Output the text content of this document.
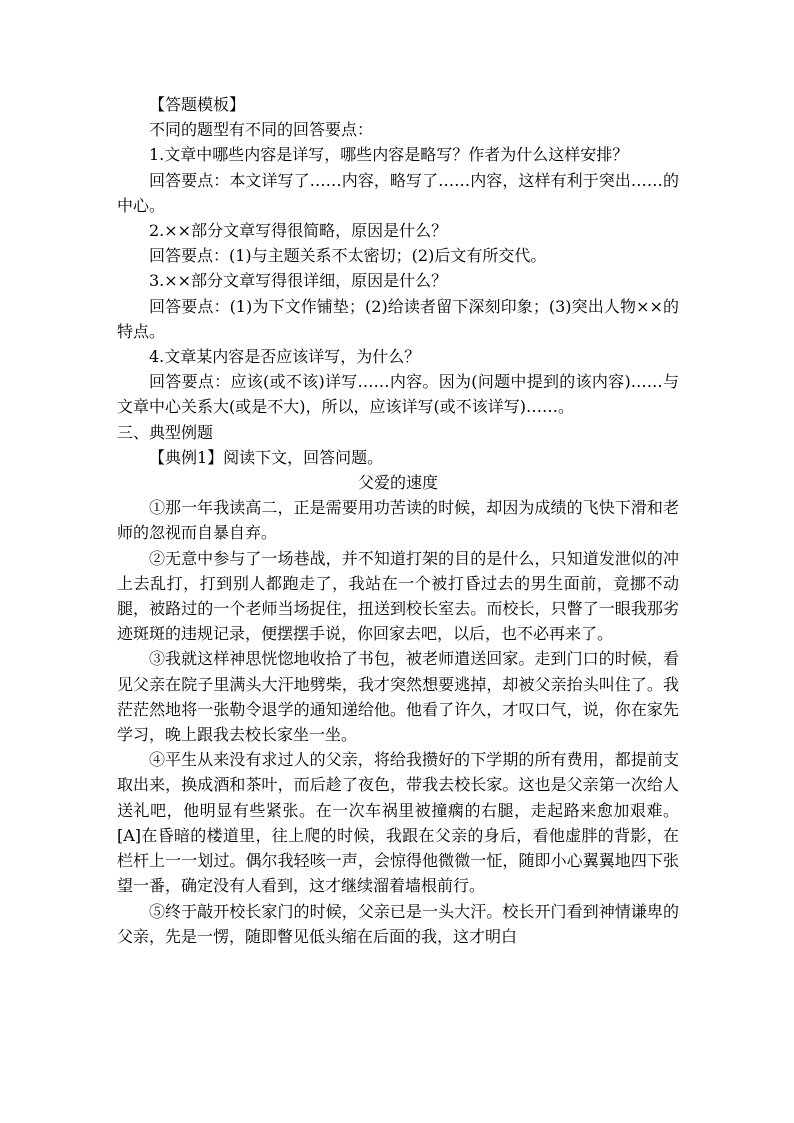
【答题模板】

不同的题型有不同的回答要点：

1.文章中哪些内容是详写，哪些内容是略写？作者为什么这样安排？

回答要点：本文详写了……内容，略写了……内容，这样有利于突出……的中心。

2.××部分文章写得很简略，原因是什么？

回答要点：(1)与主题关系不太密切；(2)后文有所交代。

3.××部分文章写得很详细，原因是什么？

回答要点：(1)为下文作铺垫；(2)给读者留下深刻印象；(3)突出人物××的特点。

4.文章某内容是否应该详写，为什么？

回答要点：应该(或不该)详写……内容。因为(问题中提到的该内容)……与文章中心关系大(或是不大)，所以，应该详写(或不该详写)……。

三、典型例题

【典例1】阅读下文，回答问题。

父爱的速度

①那一年我读高二，正是需要用功苦读的时候，却因为成绩的飞快下滑和老师的忽视而自暴自弃。

②无意中参与了一场巷战，并不知道打架的目的是什么，只知道发泄似的冲上去乱打，打到别人都跑走了，我站在一个被打昏过去的男生面前，竟挪不动腿，被路过的一个老师当场捉住，扭送到校长室去。而校长，只瞥了一眼我那劣迹斑斑的违规记录，便摆摆手说，你回家去吧，以后，也不必再来了。

③我就这样神思恍惚地收拾了书包，被老师遣送回家。走到门口的时候，看见父亲在院子里满头大汗地劈柴，我才突然想要逃掉，却被父亲抬头叫住了。我茫茫然地将一张勒令退学的通知递给他。他看了许久，才叹口气，说，你在家先学习，晚上跟我去校长家坐一坐。

④平生从来没有求过人的父亲，将给我攒好的下学期的所有费用，都提前支取出来，换成酒和茶叶，而后趁了夜色，带我去校长家。这也是父亲第一次给人送礼吧，他明显有些紧张。在一次车祸里被撞瘸的右腿，走起路来愈加艰难。[A]在昏暗的楼道里，往上爬的时候，我跟在父亲的身后，看他虚胖的背影，在栏杆上一一划过。偶尔我轻咳一声，会惊得他微微一怔，随即小心翼翼地四下张望一番，确定没有人看到，这才继续溜着墙根前行。

⑤终于敲开校长家门的时候，父亲已是一头大汗。校长开门看到神情谦卑的父亲，先是一愣，随即瞥见低头缩在后面的我，这才明白
